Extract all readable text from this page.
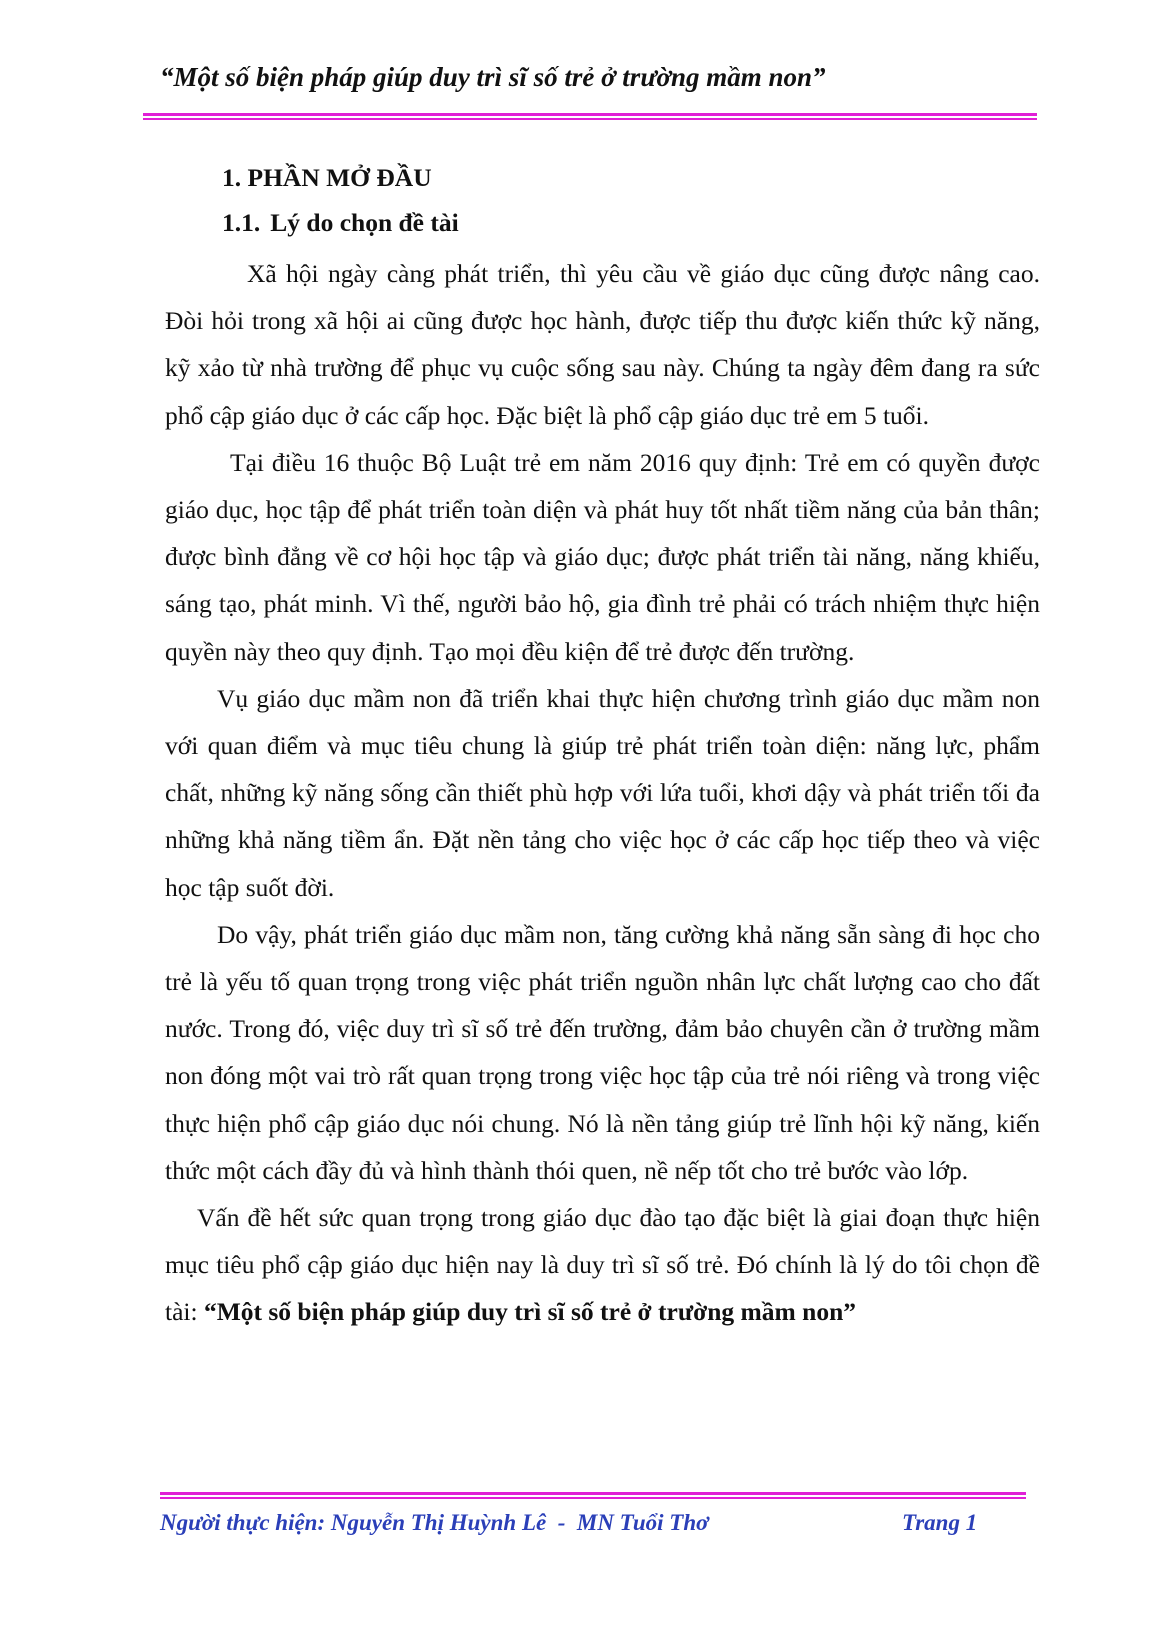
“Một số biện pháp giúp duy trì sĩ số trẻ ở trường mầm non”
1. PHẦN MỞ ĐẦU
1.1. Lý do chọn đề tài

Xã hội ngày càng phát triển, thì yêu cầu về giáo dục cũng được nâng cao. Đòi hỏi trong xã hội ai cũng được học hành, được tiếp thu được kiến thức kỹ năng, kỹ xảo từ nhà trường để phục vụ cuộc sống sau này. Chúng ta ngày đêm đang ra sức phổ cập giáo dục ở các cấp học. Đặc biệt là phổ cập giáo dục trẻ em 5 tuổi.

Tại điều 16 thuộc Bộ Luật trẻ em năm 2016 quy định: Trẻ em có quyền được giáo dục, học tập để phát triển toàn diện và phát huy tốt nhất tiềm năng của bản thân; được bình đẳng về cơ hội học tập và giáo dục; được phát triển tài năng, năng khiếu, sáng tạo, phát minh. Vì thế, người bảo hộ, gia đình trẻ phải có trách nhiệm thực hiện quyền này theo quy định. Tạo mọi đều kiện để trẻ được đến trường.

Vụ giáo dục mầm non đã triển khai thực hiện chương trình giáo dục mầm non với quan điểm và mục tiêu chung là giúp trẻ phát triển toàn diện: năng lực, phẩm chất, những kỹ năng sống cần thiết phù hợp với lứa tuổi, khơi dậy và phát triển tối đa những khả năng tiềm ẩn. Đặt nền tảng cho việc học ở các cấp học tiếp theo và việc học tập suốt đời.

Do vậy, phát triển giáo dục mầm non, tăng cường khả năng sẵn sàng đi học cho trẻ là yếu tố quan trọng trong việc phát triển nguồn nhân lực chất lượng cao cho đất nước. Trong đó, việc duy trì sĩ số trẻ đến trường, đảm bảo chuyên cần ở trường mầm non đóng một vai trò rất quan trọng trong việc học tập của trẻ nói riêng và trong việc thực hiện phổ cập giáo dục nói chung. Nó là nền tảng giúp trẻ lĩnh hội kỹ năng, kiến thức một cách đầy đủ và hình thành thói quen, nề nếp tốt cho trẻ bước vào lớp.

Vấn đề hết sức quan trọng trong giáo dục đào tạo đặc biệt là giai đoạn thực hiện mục tiêu phổ cập giáo dục hiện nay là duy trì sĩ số trẻ. Đó chính là lý do tôi chọn đề tài: “Một số biện pháp giúp duy trì sĩ số trẻ ở trường mầm non”

Người thực hiện: Nguyễn Thị Huỳnh Lê  -  MN Tuổi Thơ	Trang 1
